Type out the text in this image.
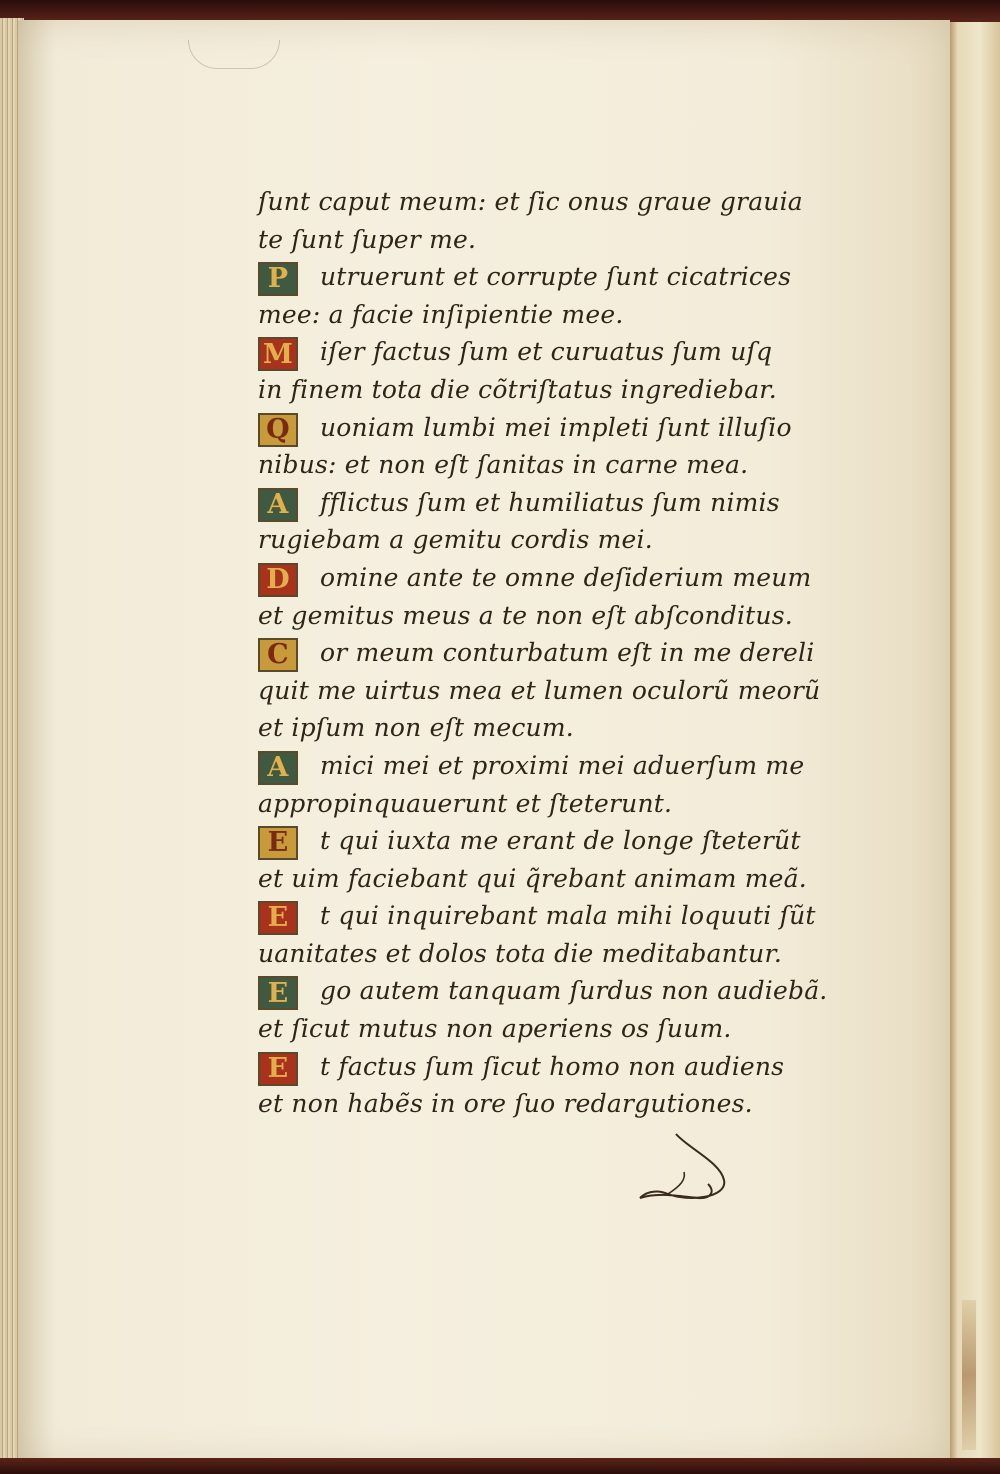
ſunt caput meum: et ſic onus graue grauia
te ſunt ſuper me.
P	utruerunt et corrupte ſunt cicatrices
mee: a facie inſipientie mee.
M iſer factus ſum et curuatus ſum uſq
in finem tota die cõtriſtatus ingrediebar.
Q	uoniam lumbi mei impleti ſunt illuſio
nibus: et non eſt ſanitas in carne mea.
A	fflictus ſum et humiliatus ſum nimis
rugiebam a gemitu cordis mei.
D	omine ante te omne deſiderium meum
et gemitus meus a te non eſt abſconditus.
C	or meum conturbatum eſt in me dereli
quit me uirtus mea et lumen oculorũ meorũ
et ipſum non eſt mecum.
A	mici mei et proximi mei aduerſum me
appropinquauerunt et ſteterunt.
E	t qui iuxta me erant de longe ſteterũt
et uim faciebant qui q̃rebant animam meã.
E	t qui inquirebant mala mihi loquuti ſũt
uanitates et dolos tota die meditabantur.
E	go autem tanquam ſurdus non audiebã.
et ſicut mutus non aperiens os ſuum.
E	t factus ſum ſicut homo non audiens
et non habẽs in ore ſuo redargutiones.
